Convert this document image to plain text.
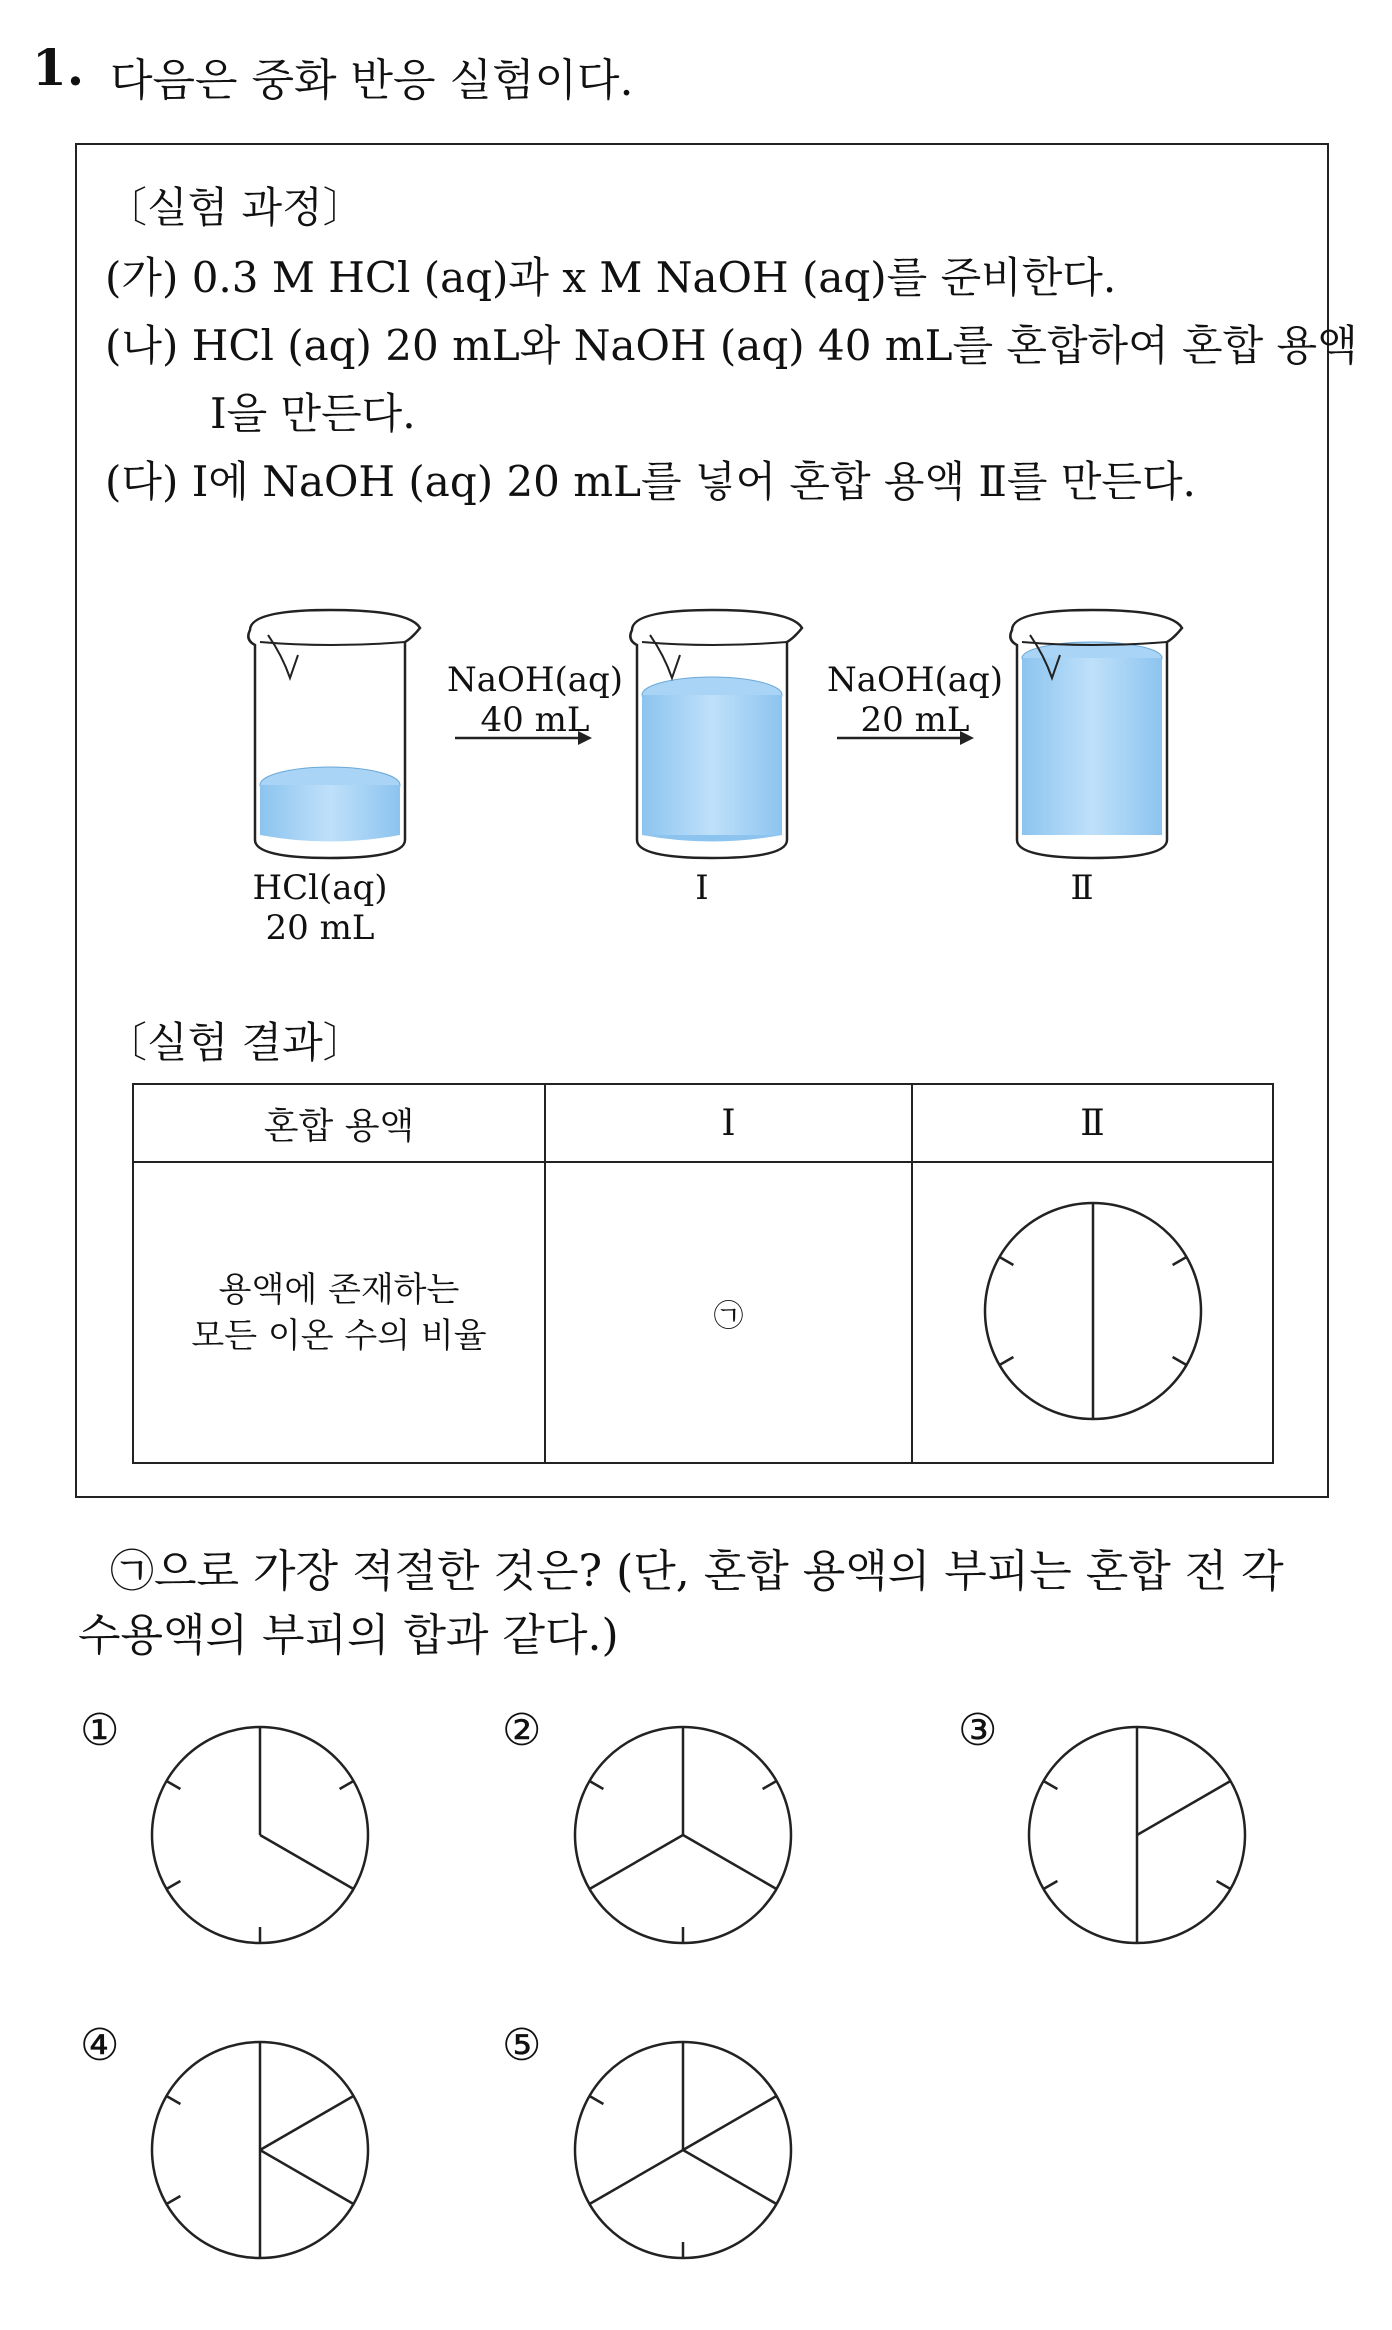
1. 다음은 중화 반응 실험이다.
〔실험 과정〕
(가) 0.3 M HCl (aq)과 x M NaOH (aq)를 준비한다.
(나) HCl (aq) 20 mL와 NaOH (aq) 40 mL를 혼합하여 혼합 용액
Ⅰ을 만든다.
(다) Ⅰ에 NaOH (aq) 20 mL를 넣어 혼합 용액 Ⅱ를 만든다.
NaOH(aq)
40 mL
NaOH(aq)
20 mL
HCl(aq)
20 mL
Ⅰ	Ⅱ
〔실험 결과〕
혼합 용액	Ⅰ	Ⅱ

용액에 존재하는
모든 이온 수의 비율	㉠	
㉠으로 가장 적절한 것은? (단, 혼합 용액의 부피는 혼합 전 각
수용액의 부피의 합과 같다.)
①	②	③
④	⑤
